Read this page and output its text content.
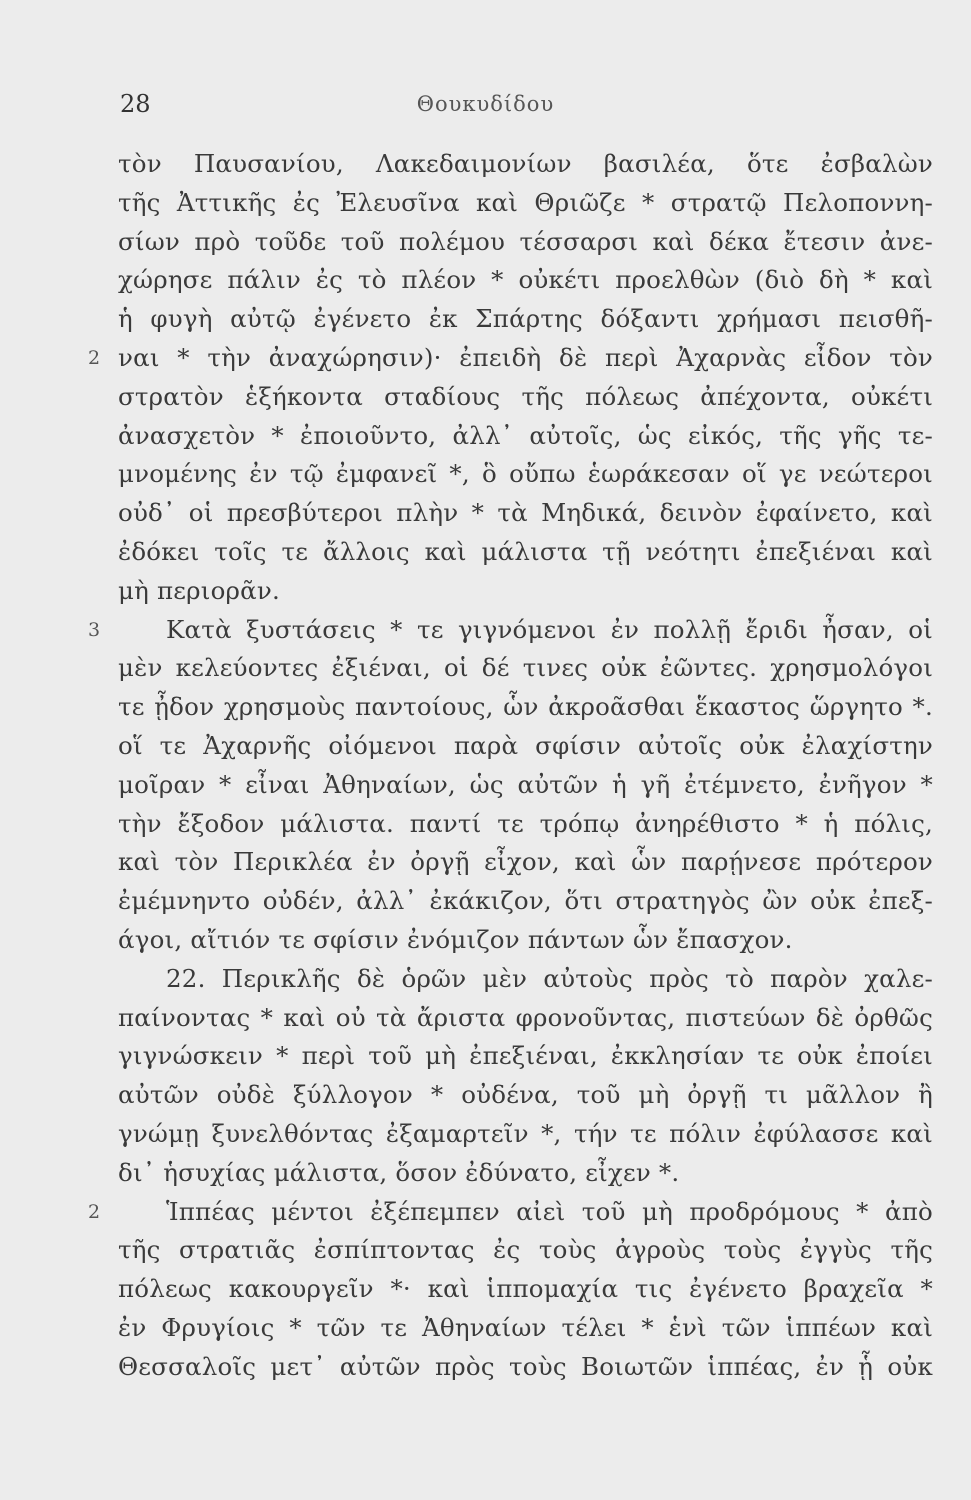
28	Θουκυδίδου
τὸν Παυσανίου, Λακεδαιμονίων βασιλέα, ὅτε ἐσβαλὼν
τῆς Ἀττικῆς ἐς Ἐλευσῖνα καὶ Θριῶζε * στρατῷ Πελοποννη-
σίων πρὸ τοῦδε τοῦ πολέμου τέσσαρσι καὶ δέκα ἔτεσιν ἀνε-
χώρησε πάλιν ἐς τὸ πλέον * οὐκέτι προελθὼν (διὸ δὴ * καὶ
ἡ φυγὴ αὐτῷ ἐγένετο ἐκ Σπάρτης δόξαντι χρήμασι πεισθῆ-
2 ναι * τὴν ἀναχώρησιν)· ἐπειδὴ δὲ περὶ Ἀχαρνὰς εἶδον τὸν
στρατὸν ἑξήκοντα σταδίους τῆς πόλεως ἀπέχοντα, οὐκέτι
ἀνασχετὸν * ἐποιοῦντο, ἀλλ᾽ αὐτοῖς, ὡς εἰκός, τῆς γῆς τε-
μνομένης ἐν τῷ ἐμφανεῖ *, ὃ οὔπω ἑωράκεσαν οἵ γε νεώτεροι
οὐδ᾽ οἱ πρεσβύτεροι πλὴν * τὰ Μηδικά, δεινὸν ἐφαίνετο, καὶ
ἐδόκει τοῖς τε ἄλλοις καὶ μάλιστα τῇ νεότητι ἐπεξιέναι καὶ
μὴ περιορᾶν.
3	Κατὰ ξυστάσεις * τε γιγνόμενοι ἐν πολλῇ ἔριδι ἦσαν, οἱ
μὲν κελεύοντες ἐξιέναι, οἱ δέ τινες οὐκ ἐῶντες. χρησμολόγοι
τε ᾖδον χρησμοὺς παντοίους, ὧν ἀκροᾶσθαι ἕκαστος ὥργητο *.
οἵ τε Ἀχαρνῆς οἰόμενοι παρὰ σφίσιν αὐτοῖς οὐκ ἐλαχίστην
μοῖραν * εἶναι Ἀθηναίων, ὡς αὐτῶν ἡ γῆ ἐτέμνετο, ἐνῆγον *
τὴν ἔξοδον μάλιστα. παντί τε τρόπῳ ἀνηρέθιστο * ἡ πόλις,
καὶ τὸν Περικλέα ἐν ὀργῇ εἶχον, καὶ ὧν παρῄνεσε πρότερον
ἐμέμνηντο οὐδέν, ἀλλ᾽ ἐκάκιζον, ὅτι στρατηγὸς ὢν οὐκ ἐπεξ-
άγοι, αἴτιόν τε σφίσιν ἐνόμιζον πάντων ὧν ἔπασχον.
22. Περικλῆς δὲ ὁρῶν μὲν αὐτοὺς πρὸς τὸ παρὸν χαλε-
παίνοντας * καὶ οὐ τὰ ἄριστα φρονοῦντας, πιστεύων δὲ ὀρθῶς
γιγνώσκειν * περὶ τοῦ μὴ ἐπεξιέναι, ἐκκλησίαν τε οὐκ ἐποίει
αὐτῶν οὐδὲ ξύλλογον * οὐδένα, τοῦ μὴ ὀργῇ τι μᾶλλον ἢ
γνώμῃ ξυνελθόντας ἐξαμαρτεῖν *, τήν τε πόλιν ἐφύλασσε καὶ
δι᾽ ἡσυχίας μάλιστα, ὅσον ἐδύνατο, εἶχεν *.
2	Ἱππέας μέντοι ἐξέπεμπεν αἰεὶ τοῦ μὴ προδρόμους * ἀπὸ
τῆς στρατιᾶς ἐσπίπτοντας ἐς τοὺς ἀγροὺς τοὺς ἐγγὺς τῆς
πόλεως κακουργεῖν *· καὶ ἱππομαχία τις ἐγένετο βραχεῖα *
ἐν Φρυγίοις * τῶν τε Ἀθηναίων τέλει * ἑνὶ τῶν ἱππέων καὶ
Θεσσαλοῖς μετ᾽ αὐτῶν πρὸς τοὺς Βοιωτῶν ἱππέας, ἐν ᾗ οὐκ
